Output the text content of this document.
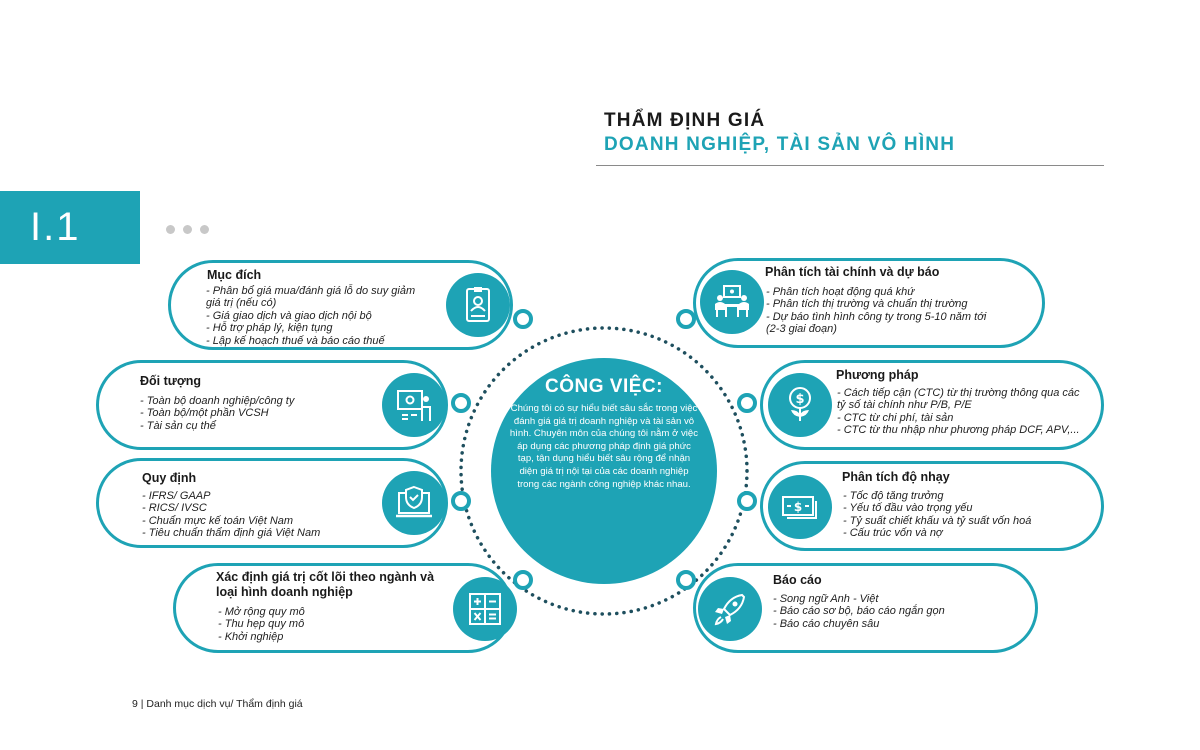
THẨM ĐỊNH GIÁ
DOANH NGHIỆP, TÀI SẢN VÔ HÌNH
I.1
CÔNG VIỆC:
Chúng tôi có sự hiểu biết sâu sắc trong việc đánh giá giá trị doanh nghiệp và tài sản vô hình. Chuyên môn của chúng tôi nằm ở việc áp dụng các phương pháp định giá phức tạp, tận dụng hiểu biết sâu rộng để nhận diện giá trị nội tại của các doanh nghiệp trong các ngành công nghiệp khác nhau.
Mục đích
- Phân bổ giá mua/đánh giá lỗ do suy giảm
giá trị (nếu có)
- Giá giao dịch và giao dịch nội bộ
- Hỗ trợ pháp lý, kiện tụng
- Lập kế hoạch thuế và báo cáo thuế
Đối tượng
- Toàn bộ doanh nghiệp/công ty
- Toàn bộ/một phần VCSH
- Tài sản cụ thể
Quy định
- IFRS/ GAAP
- RICS/ IVSC
- Chuẩn mực kế toán Việt Nam
- Tiêu chuẩn thẩm định giá Việt Nam
Xác định giá trị cốt lõi theo ngành và loại hình doanh nghiệp
- Mở rộng quy mô
- Thu hẹp quy mô
- Khởi nghiệp
Phân tích tài chính và dự báo
- Phân tích hoạt động quá khứ
- Phân tích thị trường và chuẩn thị trường
- Dự báo tình hình công ty trong 5-10 năm tới
(2-3 giai đoạn)
Phương pháp
- Cách tiếp cận (CTC) từ thị trường thông qua các
tỷ số tài chính như P/B, P/E
- CTC từ chi phí, tài sản
- CTC từ thu nhập như phương pháp DCF, APV,...
$
Phân tích độ nhạy
- Tốc độ tăng trưởng
- Yếu tố đầu vào trọng yếu
- Tỷ suất chiết khấu và tỷ suất vốn hoá
- Cấu trúc vốn và nợ
$
Báo cáo
- Song ngữ Anh - Việt
- Báo cáo sơ bộ, báo cáo ngắn gọn
- Báo cáo chuyên sâu
9 | Danh mục dịch vụ/ Thẩm định giá
